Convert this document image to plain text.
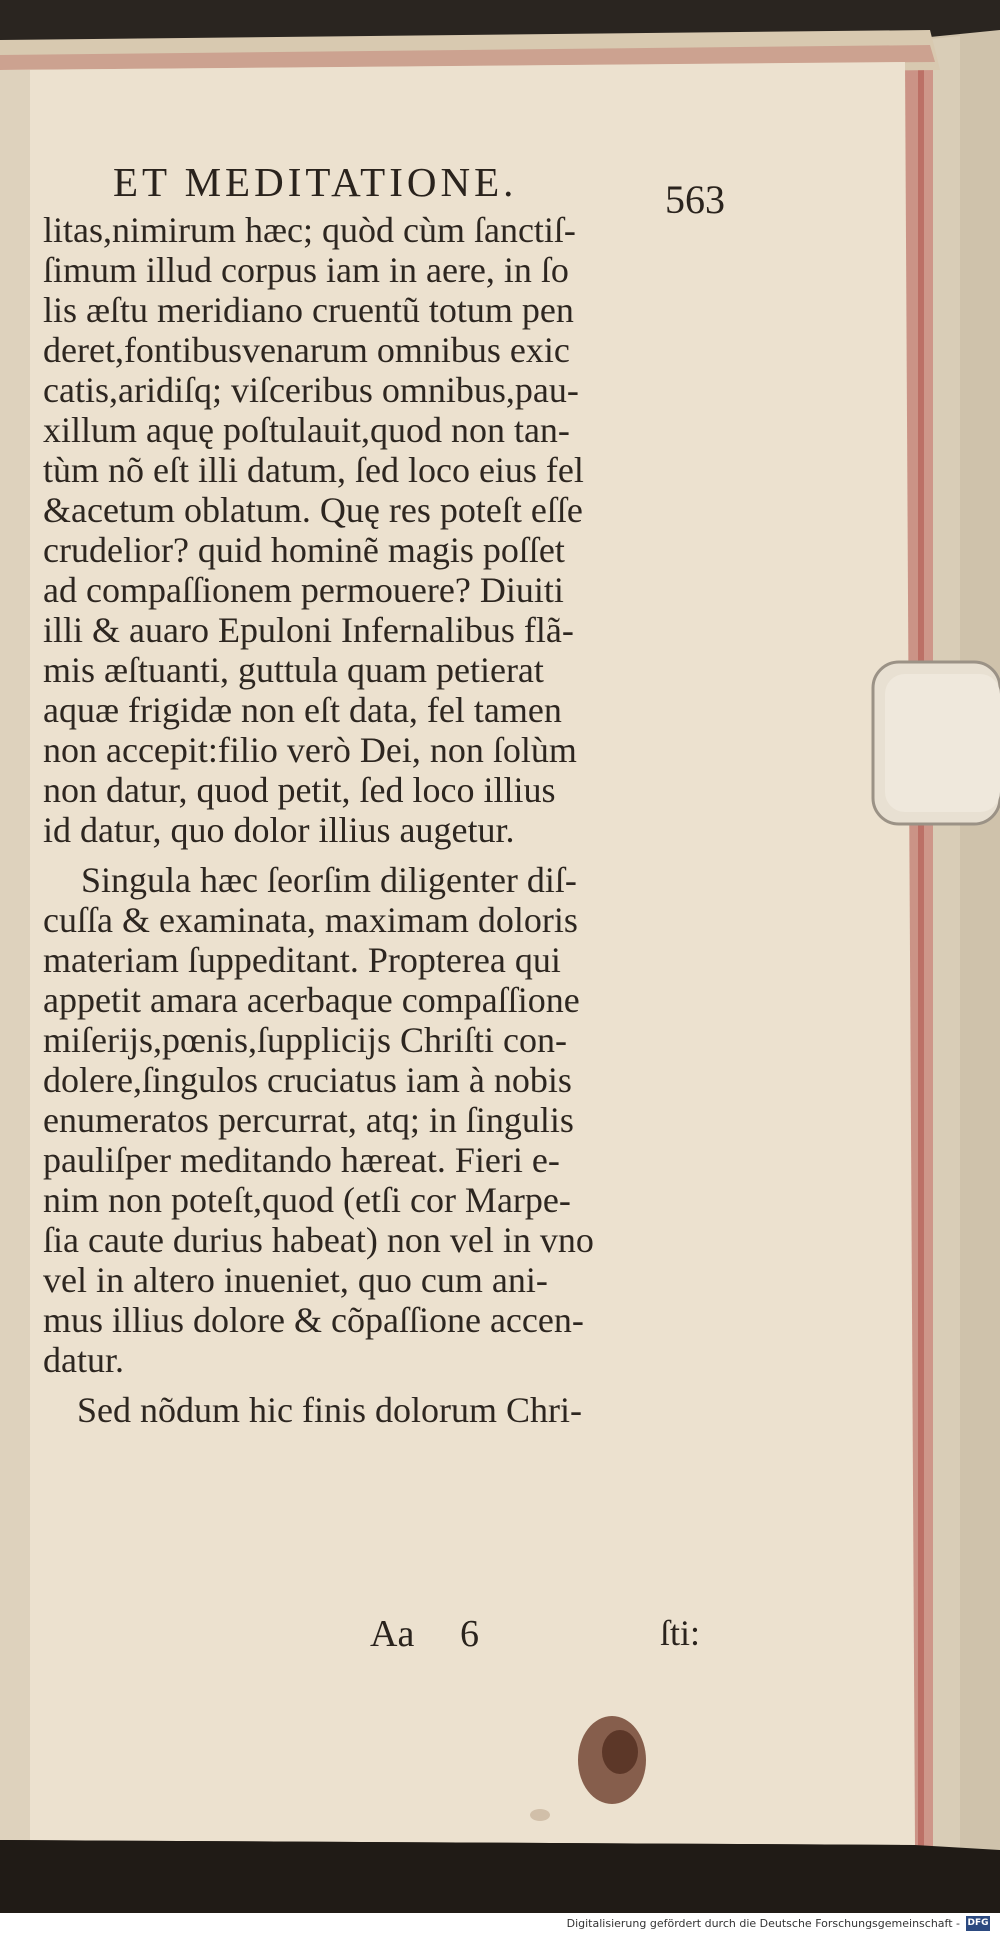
ET MEDITATIONE.	563
litas,nimirum hæc; quòd cùm ſanctiſ-
ſimum illud corpus iam in aere, in ſo
lis æſtu meridiano cruentũ totum pen
deret,fontibusvenarum omnibus exic
catis,aridiſq; viſceribus omnibus,pau-
xillum aquę poſtulauit,quod non tan-
tùm nõ eſt illi datum, ſed loco eius fel
&acetum oblatum. Quę res poteſt eſſe
crudelior? quid hominẽ magis poſſet
ad compaſſionem permouere? Diuiti
illi & auaro Epuloni Infernalibus flã-
mis æſtuanti, guttula quam petierat
aquæ frigidæ non eſt data, fel tamen
non accepit:filio verò Dei, non ſolùm
non datur, quod petit, ſed loco illius
id datur, quo dolor illius augetur.
Singula hæc ſeorſim diligenter diſ-
cuſſa & examinata, maximam doloris
materiam ſuppeditant. Propterea qui
appetit amara acerbaque compaſſione
miſerijs,pœnis,ſupplicijs Chriſti con-
dolere,ſingulos cruciatus iam à nobis
enumeratos percurrat, atq; in ſingulis
pauliſper meditando hæreat. Fieri e-
nim non poteſt,quod (etſi cor Marpe-
ſia caute durius habeat) non vel in vno
vel in altero inueniet, quo cum ani-
mus illius dolore & cõpaſſione accen-
datur.
Sed nõdum hic finis dolorum Chri-
Aa 6	ſti:
Digitalisierung gefördert durch die Deutsche Forschungsgemeinschaft - DFG
